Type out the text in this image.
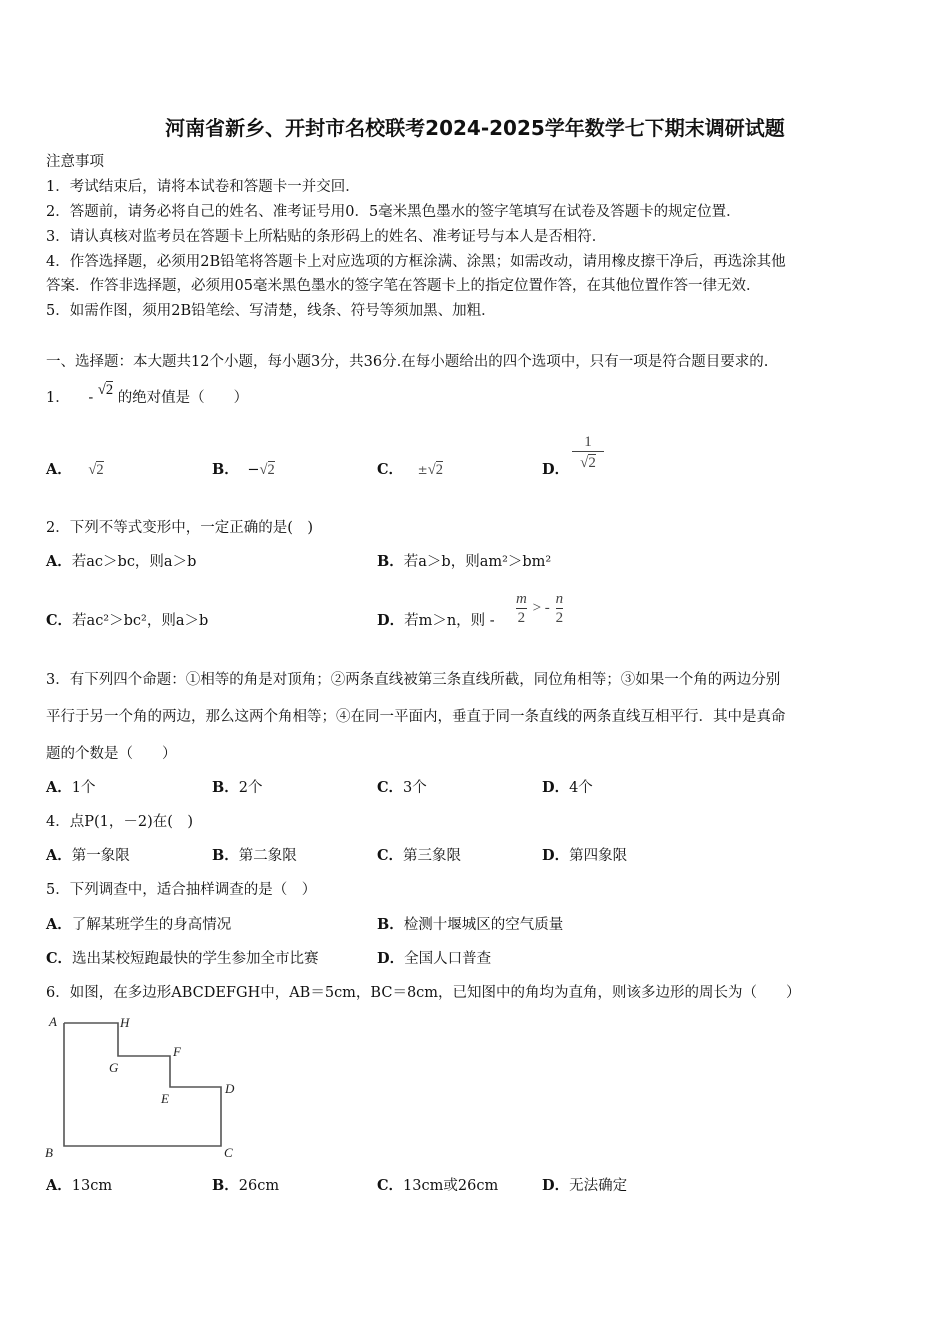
河南省新乡、开封市名校联考2024-2025学年数学七下期末调研试题
注意事项
1．考试结束后，请将本试卷和答题卡一并交回．
2．答题前，请务必将自己的姓名、准考证号用0．5毫米黑色墨水的签字笔填写在试卷及答题卡的规定位置．
3．请认真核对监考员在答题卡上所粘贴的条形码上的姓名、准考证号与本人是否相符．
4．作答选择题，必须用2B铅笔将答题卡上对应选项的方框涂满、涂黑；如需改动，请用橡皮擦干净后，再选涂其他
答案．作答非选择题，必须用05毫米黑色墨水的签字笔在答题卡上的指定位置作答，在其他位置作答一律无效．
5．如需作图，须用2B铅笔绘、写清楚，线条、符号等须加黑、加粗．
一、选择题：本大题共12个小题，每小题3分，共36分.在每小题给出的四个选项中，只有一项是符合题目要求的.
1． - √2 的绝对值是（　　）
A． √2	B． −√2	C． ±√2	D．
1
√2
2．下列不等式变形中，一定正确的是(　)
A．若ac＞bc，则a＞b	B．若a＞b，则am²＞bm²
C．若ac²＞bc²，则a＞b	D．若m＞n，则 - $\frac{m}{2}$ > - $\frac{n}{2}$
3．有下列四个命题：①相等的角是对顶角；②两条直线被第三条直线所截，同位角相等；③如果一个角的两边分别
平行于另一个角的两边，那么这两个角相等；④在同一平面内，垂直于同一条直线的两条直线互相平行．其中是真命
题的个数是（　　）
A．1个	B．2个	C．3个	D．4个
4．点P(1，－2)在(　)
A．第一象限	B．第二象限	C．第三象限	D．第四象限
5．下列调查中，适合抽样调查的是（　）
A．了解某班学生的身高情况	B．检测十堰城区的空气质量
C．选出某校短跑最快的学生参加全市比赛	D．全国人口普查
6．如图，在多边形ABCDEFGH中，AB＝5cm，BC＝8cm，已知图中的角均为直角，则该多边形的周长为（　　）
A	H
G
F
E
D
B	C
A．13cm	B．26cm	C．13cm或26cm	D．无法确定
